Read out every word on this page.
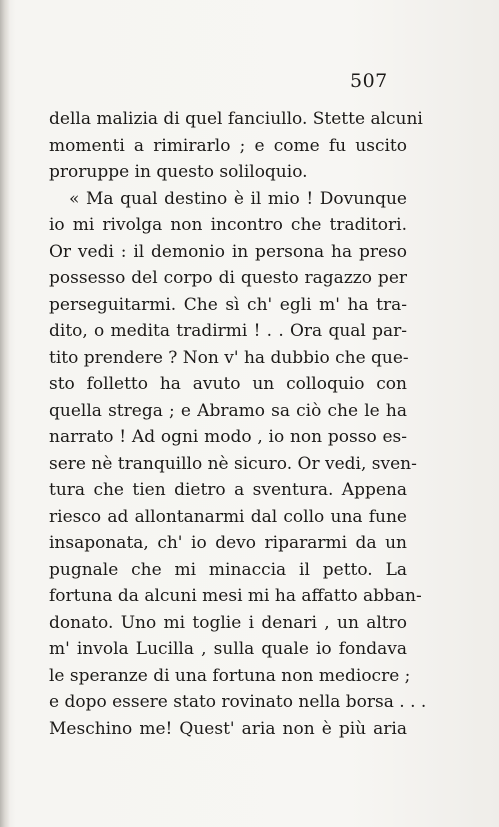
507
della malizia di quel fanciullo. Stette alcuni
momenti a rimirarlo ; e come fu uscito
proruppe in questo soliloquio.
« Ma qual destino è il mio ! Dovunque
io mi rivolga non incontro che traditori.
Or vedi : il demonio in persona ha preso
possesso del corpo di questo ragazzo per
perseguitarmi. Che sì ch' egli m' ha tra-
dito, o medita tradirmi ! . . Ora qual par-
tito prendere ? Non v' ha dubbio che que-
sto folletto ha avuto un colloquio con
quella strega ; e Abramo sa ciò che le ha
narrato ! Ad ogni modo , io non posso es-
sere nè tranquillo nè sicuro. Or vedi, sven-
tura che tien dietro a sventura. Appena
riesco ad allontanarmi dal collo una fune
insaponata, ch' io devo ripararmi da un
pugnale che mi minaccia il petto. La
fortuna da alcuni mesi mi ha affatto abban-
donato. Uno mi toglie i denari , un altro
m' invola Lucilla , sulla quale io fondava
le speranze di una fortuna non mediocre ;
e dopo essere stato rovinato nella borsa . . .
Meschino me! Quest' aria non è più aria
